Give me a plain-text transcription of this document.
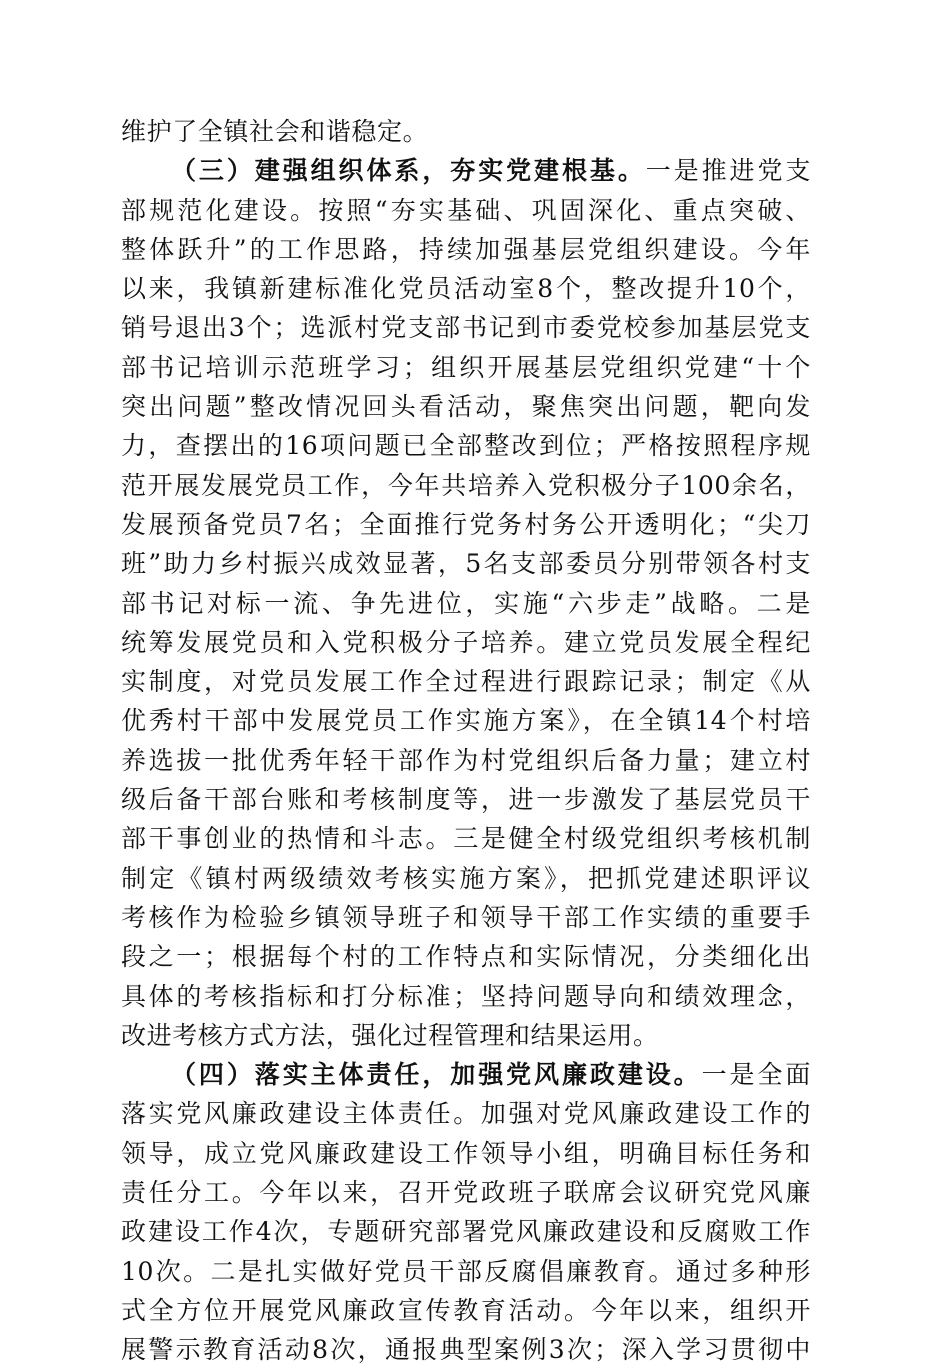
维护了全镇社会和谐稳定。
（三）建强组织体系，夯实党建根基。一是推进党支
部规范化建设。按照“夯实基础、巩固深化、重点突破、
整体跃升”的工作思路，持续加强基层党组织建设。今年
以来，我镇新建标准化党员活动室8个，整改提升10个，
销号退出3个；选派村党支部书记到市委党校参加基层党支
部书记培训示范班学习；组织开展基层党组织党建“十个
突出问题”整改情况回头看活动，聚焦突出问题，靶向发
力，查摆出的16项问题已全部整改到位；严格按照程序规
范开展发展党员工作，今年共培养入党积极分子100余名，
发展预备党员7名；全面推行党务村务公开透明化；“尖刀
班”助力乡村振兴成效显著，5名支部委员分别带领各村支
部书记对标一流、争先进位，实施“六步走”战略。二是
统筹发展党员和入党积极分子培养。建立党员发展全程纪
实制度，对党员发展工作全过程进行跟踪记录；制定《从
优秀村干部中发展党员工作实施方案》，在全镇14个村培
养选拔一批优秀年轻干部作为村党组织后备力量；建立村
级后备干部台账和考核制度等，进一步激发了基层党员干
部干事创业的热情和斗志。三是健全村级党组织考核机制
制定《镇村两级绩效考核实施方案》，把抓党建述职评议
考核作为检验乡镇领导班子和领导干部工作实绩的重要手
段之一；根据每个村的工作特点和实际情况，分类细化出
具体的考核指标和打分标准；坚持问题导向和绩效理念，
改进考核方式方法，强化过程管理和结果运用。
（四）落实主体责任，加强党风廉政建设。一是全面
落实党风廉政建设主体责任。加强对党风廉政建设工作的
领导，成立党风廉政建设工作领导小组，明确目标任务和
责任分工。今年以来，召开党政班子联席会议研究党风廉
政建设工作4次，专题研究部署党风廉政建设和反腐败工作
10次。二是扎实做好党员干部反腐倡廉教育。通过多种形
式全方位开展党风廉政宣传教育活动。今年以来，组织开
展警示教育活动8次，通报典型案例3次；深入学习贯彻中
